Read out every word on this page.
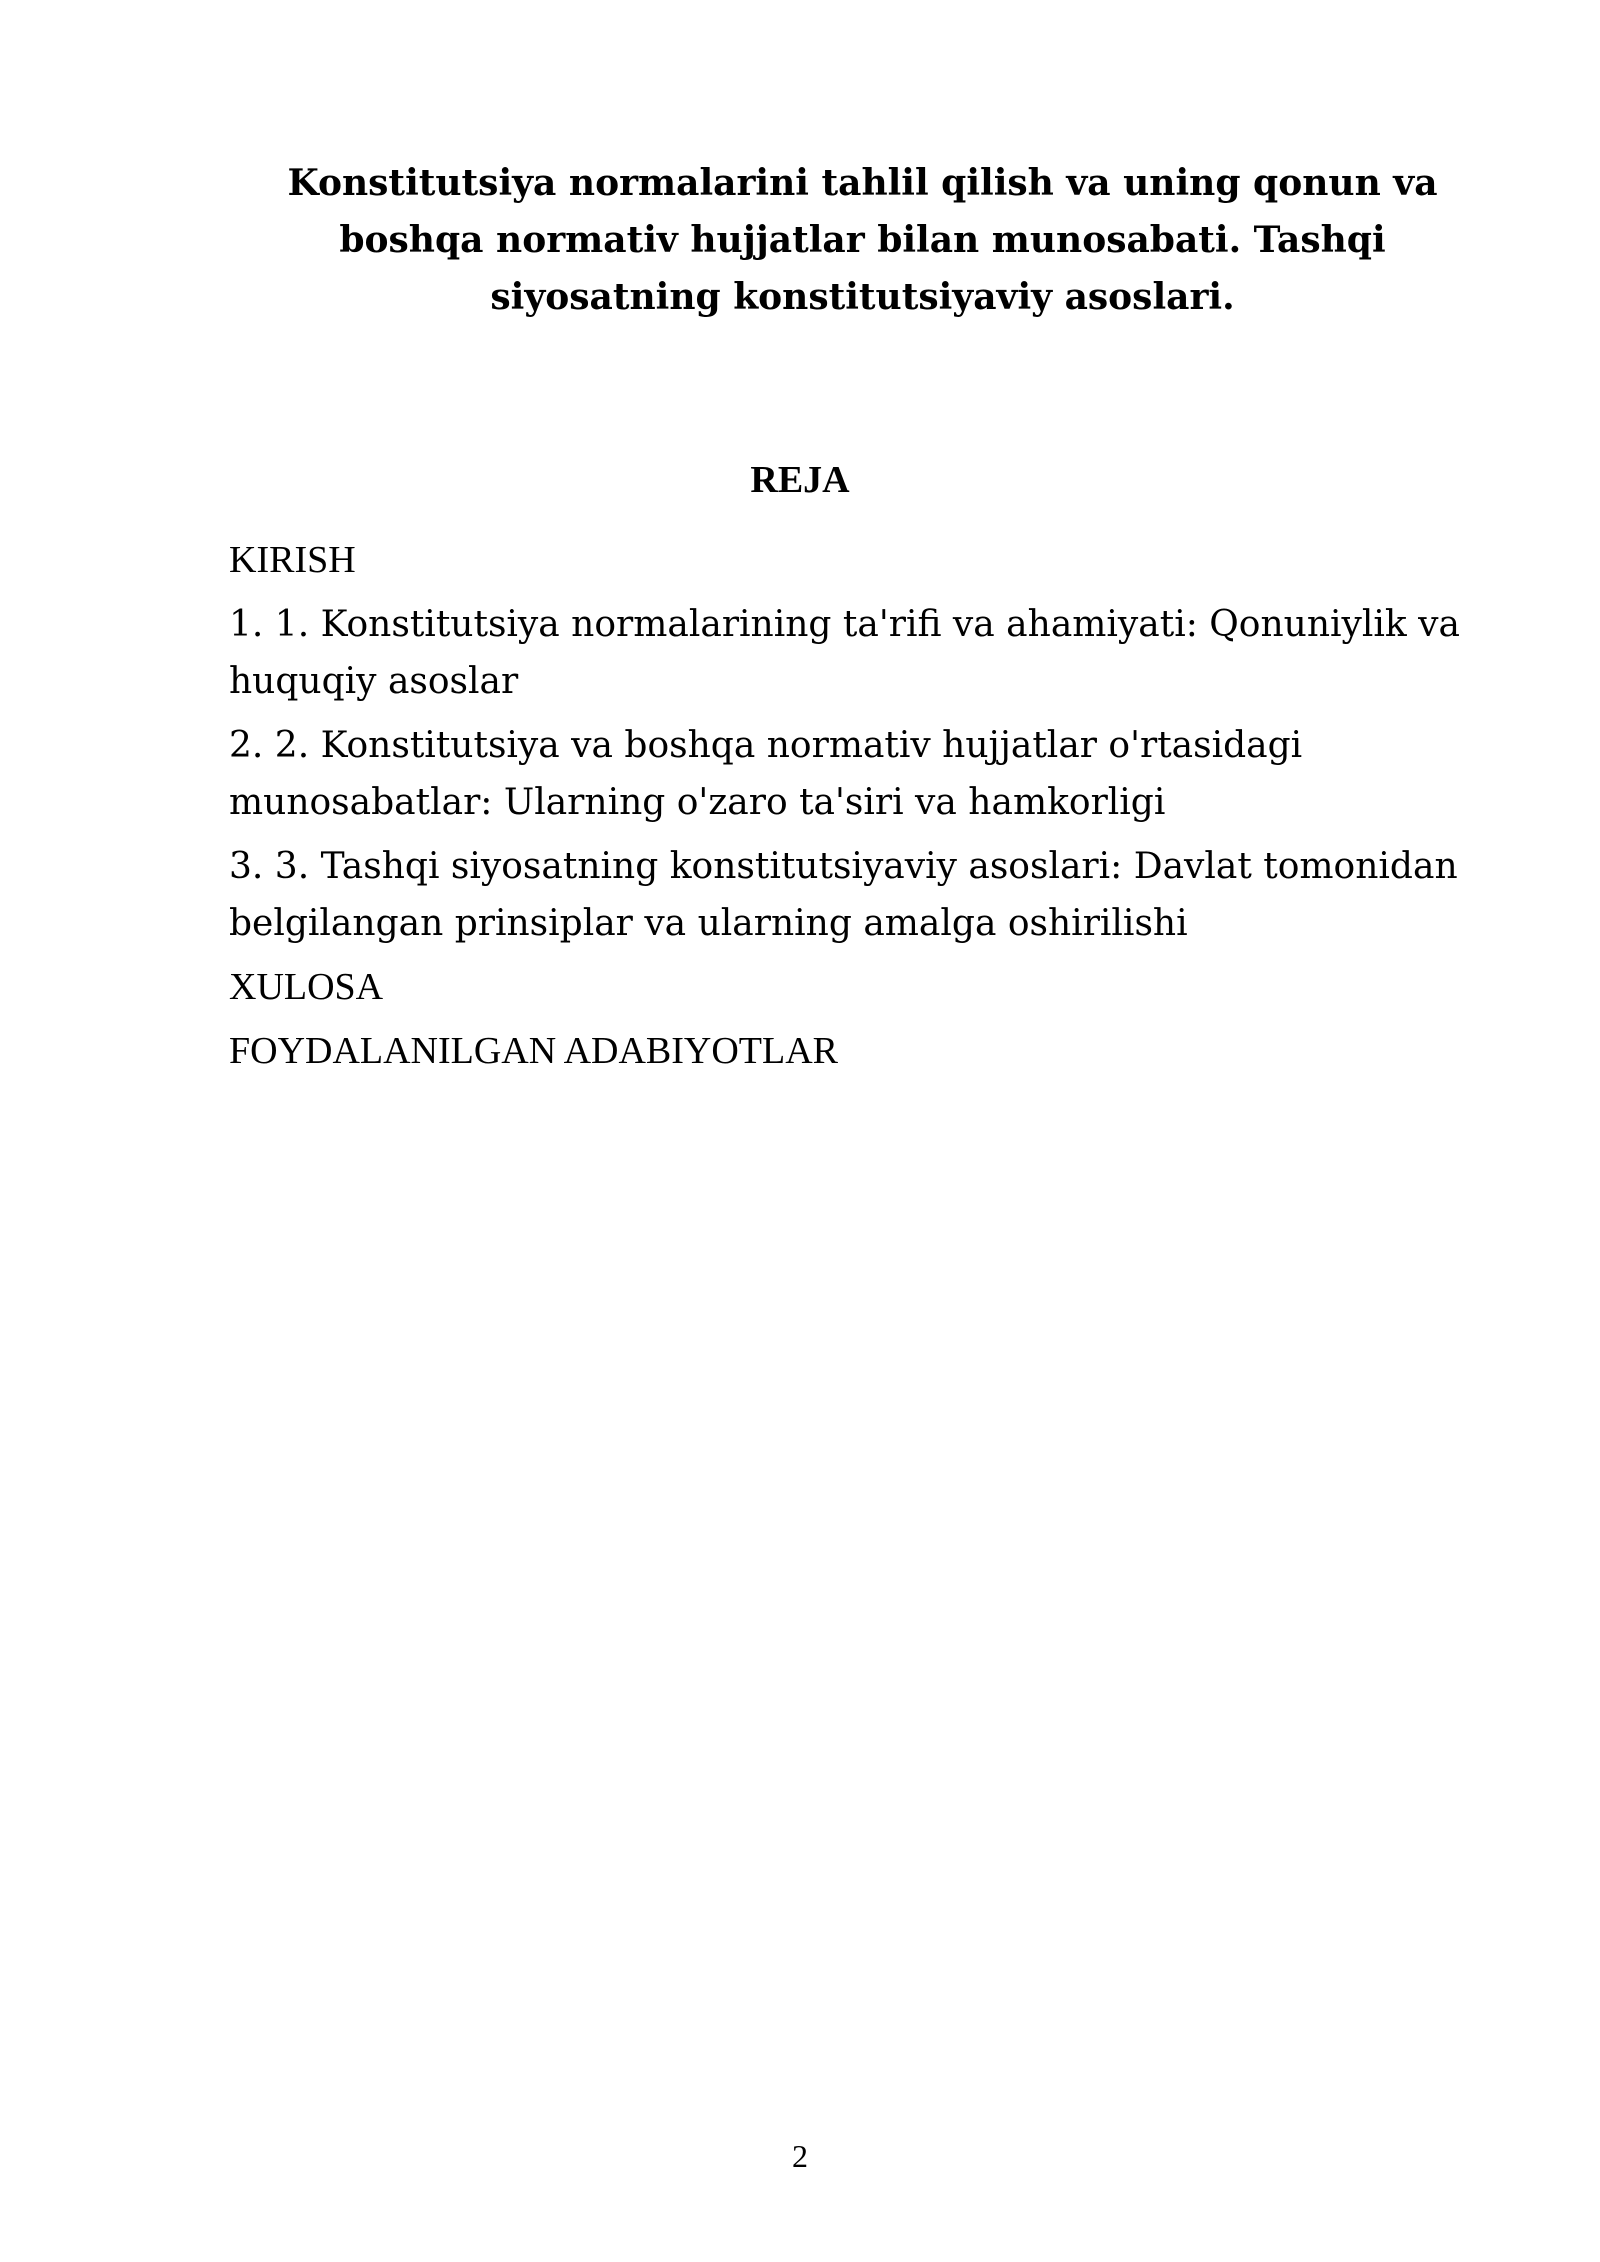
Konstitutsiya normalarini tahlil qilish va uning qonun va boshqa normativ hujjatlar bilan munosabati. Tashqi siyosatning konstitutsiyaviy asoslari.
REJA
KIRISH
1. 1. Konstitutsiya normalarining ta'rifi va ahamiyati: Qonuniylik va huquqiy asoslar
2. 2. Konstitutsiya va boshqa normativ hujjatlar o'rtasidagi munosabatlar: Ularning o'zaro ta'siri va hamkorligi
3. 3. Tashqi siyosatning konstitutsiyaviy asoslari: Davlat tomonidan belgilangan prinsiplar va ularning amalga oshirilishi
XULOSA
FOYDALANILGAN ADABIYOTLAR
2
